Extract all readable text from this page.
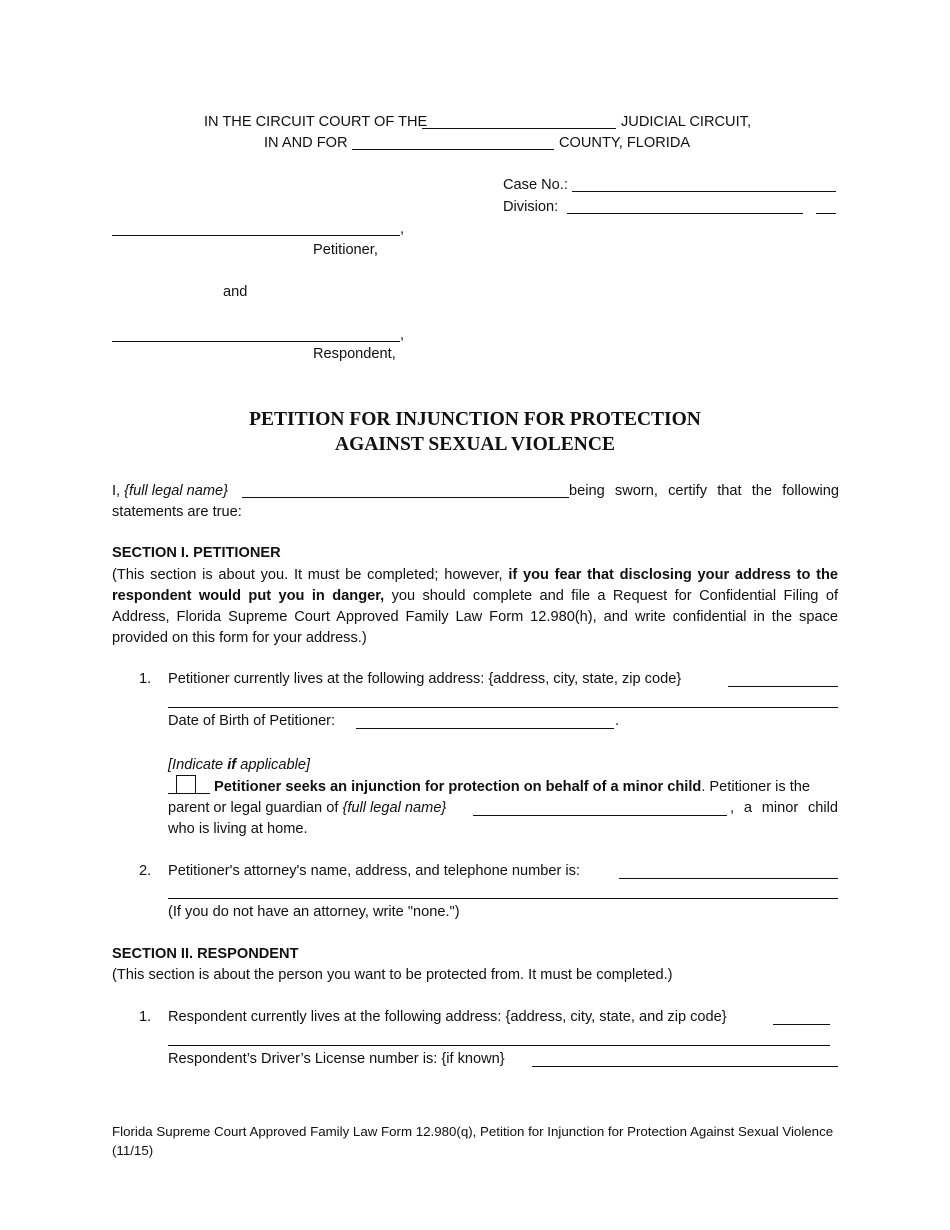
IN THE CIRCUIT COURT OF THE	JUDICIAL CIRCUIT,
IN AND FOR	COUNTY, FLORIDA
Case No.:
Division:
,
Petitioner,
and
,
Respondent,
PETITION FOR INJUNCTION FOR PROTECTION
AGAINST SEXUAL VIOLENCE
I, {full legal name}	being sworn, certify that the following
statements are true:
SECTION I. PETITIONER
(This section is about you. It must be completed; however, if you fear that disclosing your address to the respondent would put you in danger, you should complete and file a Request for Confidential Filing of Address, Florida Supreme Court Approved Family Law Form 12.980(h), and write confidential in the space provided on this form for your address.)
1. Petitioner currently lives at the following address: {address, city, state, zip code}
Date of Birth of Petitioner:	.
[Indicate if applicable]
Petitioner seeks an injunction for protection on behalf of a minor child. Petitioner is the
parent or legal guardian of {full legal name}	,  a  minor  child
who is living at home.
2. Petitioner's attorney's name, address, and telephone number is:
(If you do not have an attorney, write "none.")
SECTION II. RESPONDENT
(This section is about the person you want to be protected from. It must be completed.)
1. Respondent currently lives at the following address: {address, city, state, and zip code}
Respondent’s Driver’s License number is: {if known}
Florida Supreme Court Approved Family Law Form 12.980(q), Petition for Injunction for Protection Against Sexual Violence (11/15)
